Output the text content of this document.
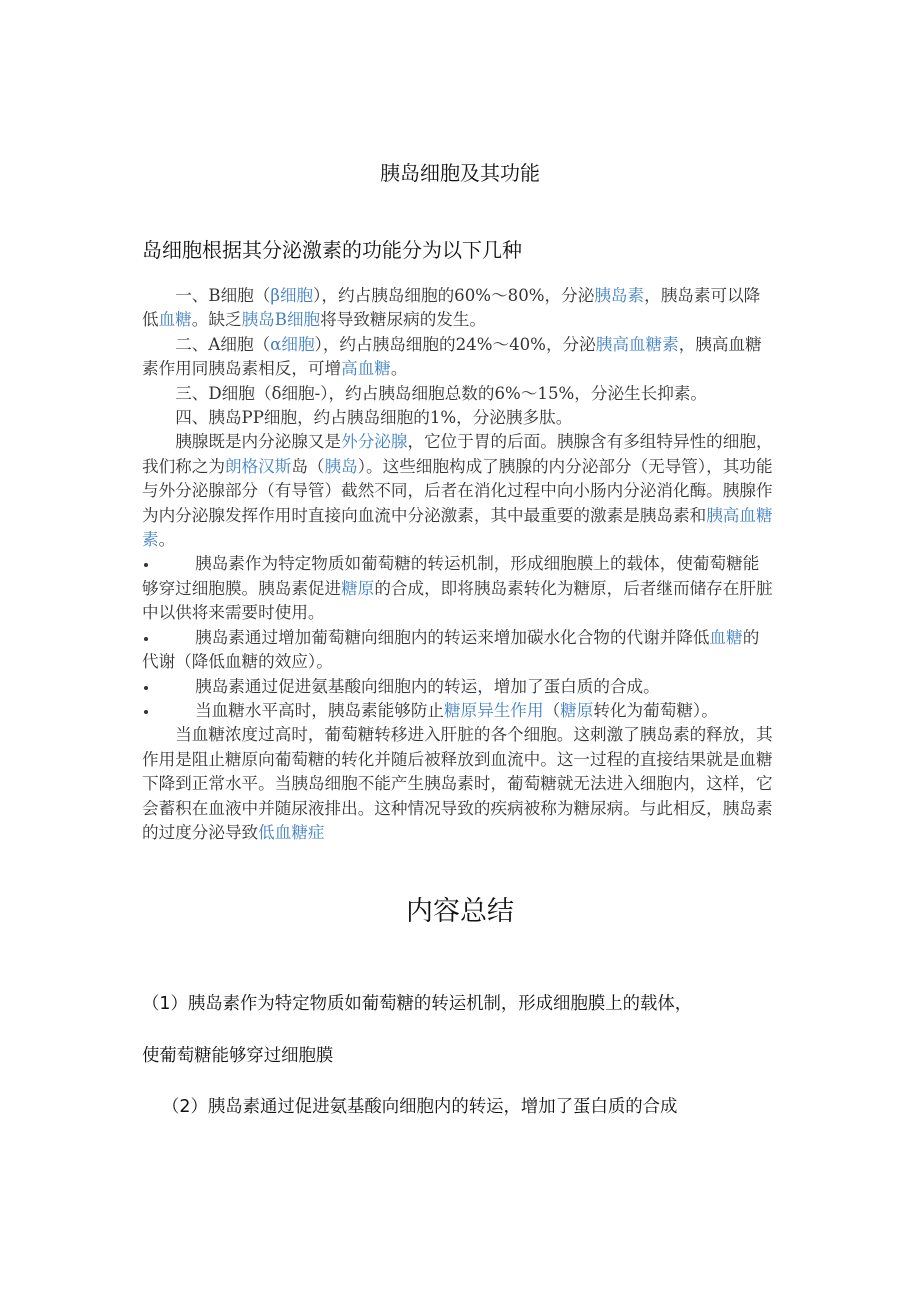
胰岛细胞及其功能
岛细胞根据其分泌激素的功能分为以下几种

一、B细胞（β细胞），约占胰岛细胞的60%～80%，分泌胰岛素，胰岛素可以降低血糖。缺乏胰岛B细胞将导致糖尿病的发生。

二、A细胞（α细胞），约占胰岛细胞的24%～40%，分泌胰高血糖素，胰高血糖素作用同胰岛素相反，可增高血糖。

三、D细胞（δ细胞-），约占胰岛细胞总数的6%～15%，分泌生长抑素。

四、胰岛PP细胞，约占胰岛细胞的1%，分泌胰多肽。

胰腺既是内分泌腺又是外分泌腺，它位于胃的后面。胰腺含有多组特异性的细胞，我们称之为朗格汉斯岛（胰岛）。这些细胞构成了胰腺的内分泌部分（无导管），其功能与外分泌腺部分（有导管）截然不同，后者在消化过程中向小肠内分泌消化酶。胰腺作为内分泌腺发挥作用时直接向血流中分泌激素，其中最重要的激素是胰岛素和胰高血糖素。

胰岛素作为特定物质如葡萄糖的转运机制，形成细胞膜上的载体，使葡萄糖能够穿过细胞膜。胰岛素促进糖原的合成，即将胰岛素转化为糖原，后者继而储存在肝脏中以供将来需要时使用。
胰岛素通过增加葡萄糖向细胞内的转运来增加碳水化合物的代谢并降低血糖的代谢（降低血糖的效应）。
胰岛素通过促进氨基酸向细胞内的转运，增加了蛋白质的合成。
当血糖水平高时，胰岛素能够防止糖原异生作用（糖原转化为葡萄糖）。

当血糖浓度过高时，葡萄糖转移进入肝脏的各个细胞。这刺激了胰岛素的释放，其作用是阻止糖原向葡萄糖的转化并随后被释放到血流中。这一过程的直接结果就是血糖下降到正常水平。当胰岛细胞不能产生胰岛素时，葡萄糖就无法进入细胞内，这样，它会蓄积在血液中并随尿液排出。这种情况导致的疾病被称为糖尿病。与此相反，胰岛素的过度分泌导致低血糖症

内容总结
（1）胰岛素作为特定物质如葡萄糖的转运机制，形成细胞膜上的载体，
使葡萄糖能够穿过细胞膜
（2）胰岛素通过促进氨基酸向细胞内的转运，增加了蛋白质的合成
